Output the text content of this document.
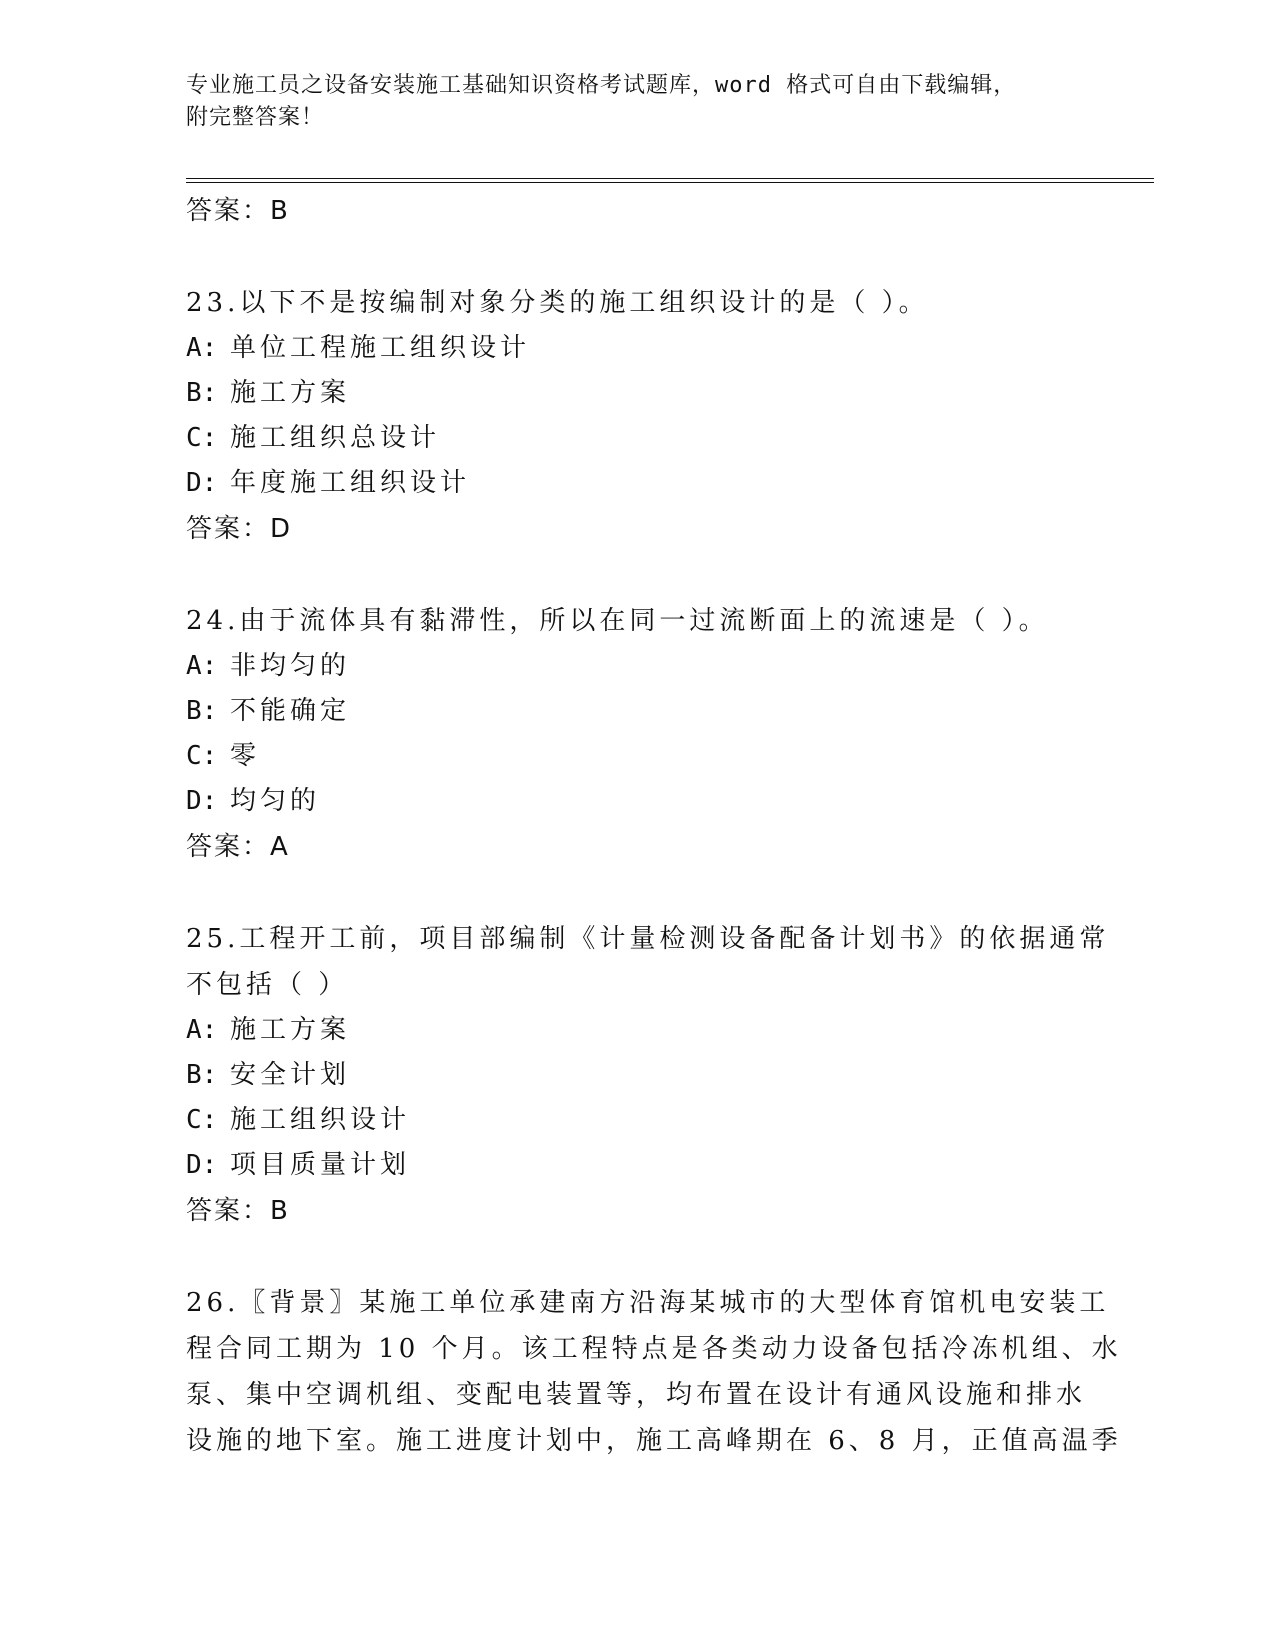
专业施工员之设备安装施工基础知识资格考试题库，word 格式可自由下载编辑，
附完整答案！
答案：B
23.以下不是按编制对象分类的施工组织设计的是（ ）。
A: 单位工程施工组织设计
B: 施工方案
C: 施工组织总设计
D: 年度施工组织设计
答案：D
24.由于流体具有黏滞性，所以在同一过流断面上的流速是（ ）。
A: 非均匀的
B: 不能确定
C: 零
D: 均匀的
答案：A
25.工程开工前，项目部编制《计量检测设备配备计划书》的依据通常
不包括（ ）
A: 施工方案
B: 安全计划
C: 施工组织设计
D: 项目质量计划
答案：B
26.〖背景〗某施工单位承建南方沿海某城市的大型体育馆机电安装工
程合同工期为 10 个月。该工程特点是各类动力设备包括冷冻机组、水
泵、集中空调机组、变配电装置等，均布置在设计有通风设施和排水
设施的地下室。施工进度计划中，施工高峰期在 6、8 月，正值高温季
